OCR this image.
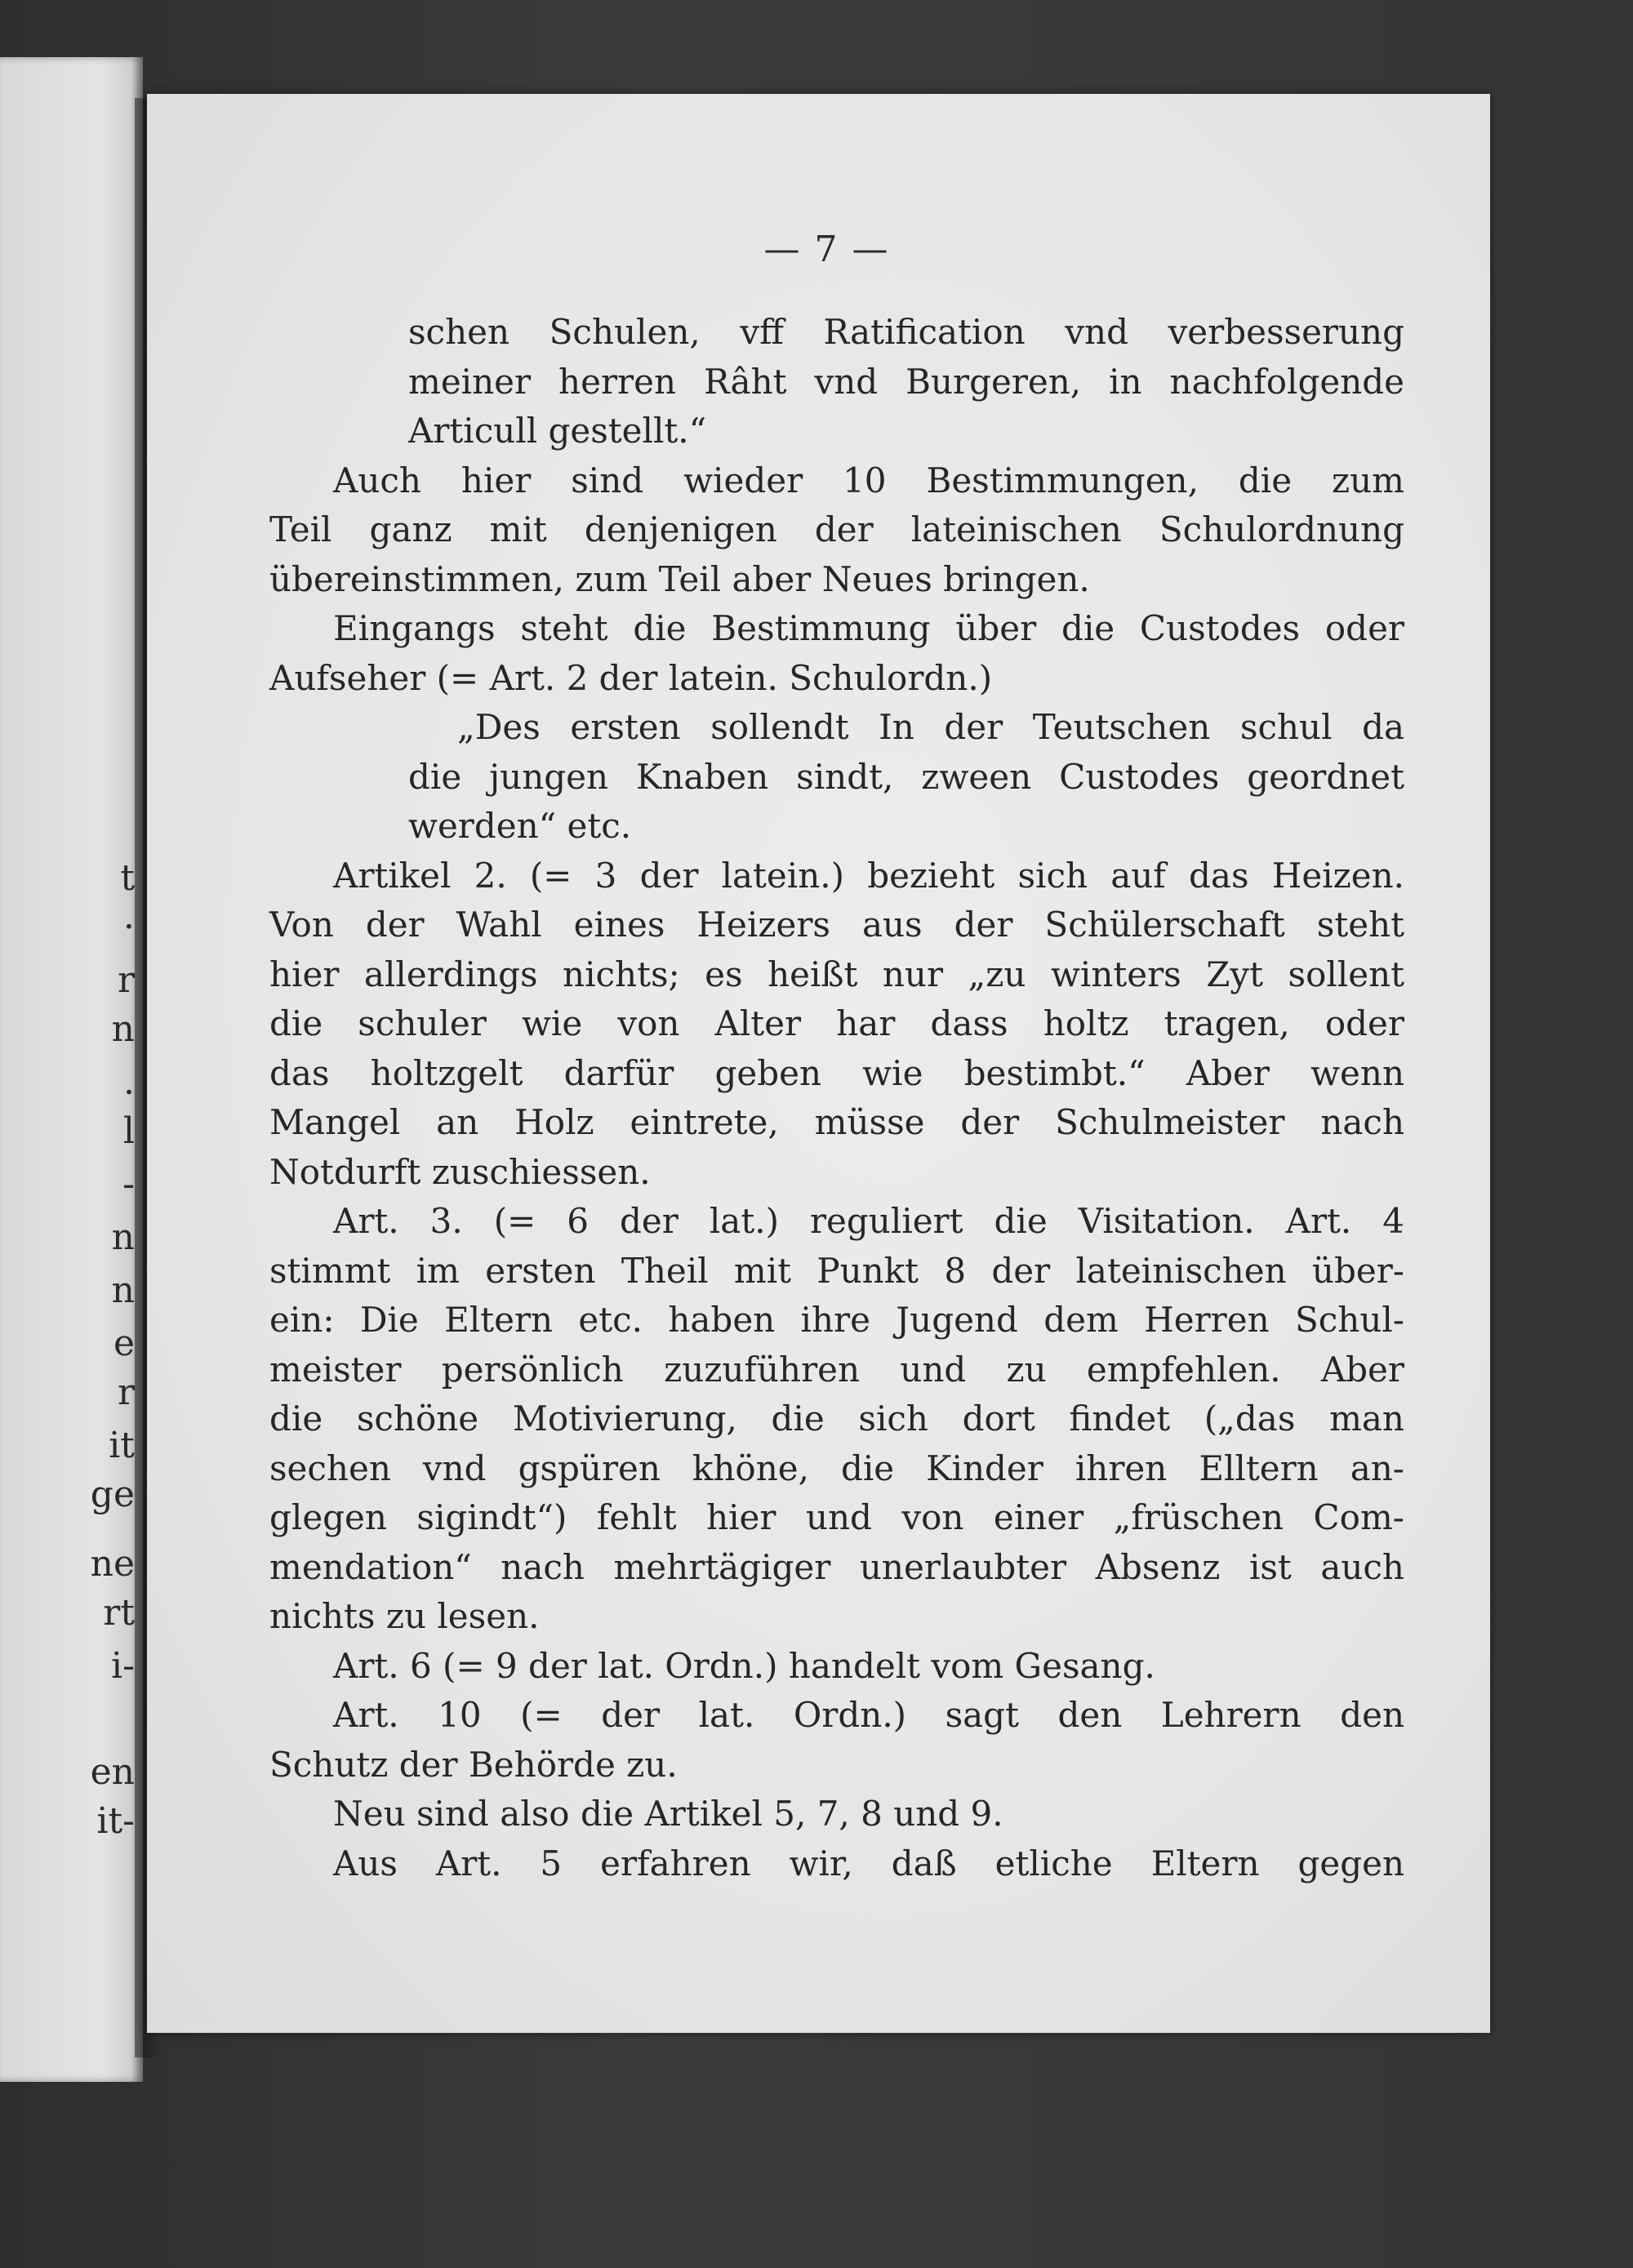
t
·
r
n
.
l
-
n
n
e
r
it
ge
ne
rt
i-
en
it-
— 7 —
schen Schulen, vff Ratification vnd verbesserung
meiner herren Râht vnd Burgeren, in nachfolgende
Articull gestellt.“
Auch hier sind wieder 10 Bestimmungen, die zum
Teil ganz mit denjenigen der lateinischen Schulordnung
übereinstimmen, zum Teil aber Neues bringen.
Eingangs steht die Bestimmung über die Custodes oder
Aufseher (= Art. 2 der latein. Schulordn.)
„Des ersten sollendt In der Teutschen schul da
die jungen Knaben sindt, zween Custodes geordnet
werden“ etc.
Artikel 2. (= 3 der latein.) bezieht sich auf das Heizen.
Von der Wahl eines Heizers aus der Schülerschaft steht
hier allerdings nichts; es heißt nur „zu winters Zyt sollent
die schuler wie von Alter har dass holtz tragen, oder
das holtzgelt darfür geben wie bestimbt.“ Aber wenn
Mangel an Holz eintrete, müsse der Schulmeister nach
Notdurft zuschiessen.
Art. 3. (= 6 der lat.) reguliert die Visitation. Art. 4
stimmt im ersten Theil mit Punkt 8 der lateinischen über-
ein: Die Eltern etc. haben ihre Jugend dem Herren Schul-
meister persönlich zuzuführen und zu empfehlen. Aber
die schöne Motivierung, die sich dort findet („das man
sechen vnd gspüren khöne, die Kinder ihren Elltern an-
glegen sigindt“) fehlt hier und von einer „früschen Com-
mendation“ nach mehrtägiger unerlaubter Absenz ist auch
nichts zu lesen.
Art. 6 (= 9 der lat. Ordn.) handelt vom Gesang.
Art. 10 (= der lat. Ordn.) sagt den Lehrern den
Schutz der Behörde zu.
Neu sind also die Artikel 5, 7, 8 und 9.
Aus Art. 5 erfahren wir, daß etliche Eltern gegen
